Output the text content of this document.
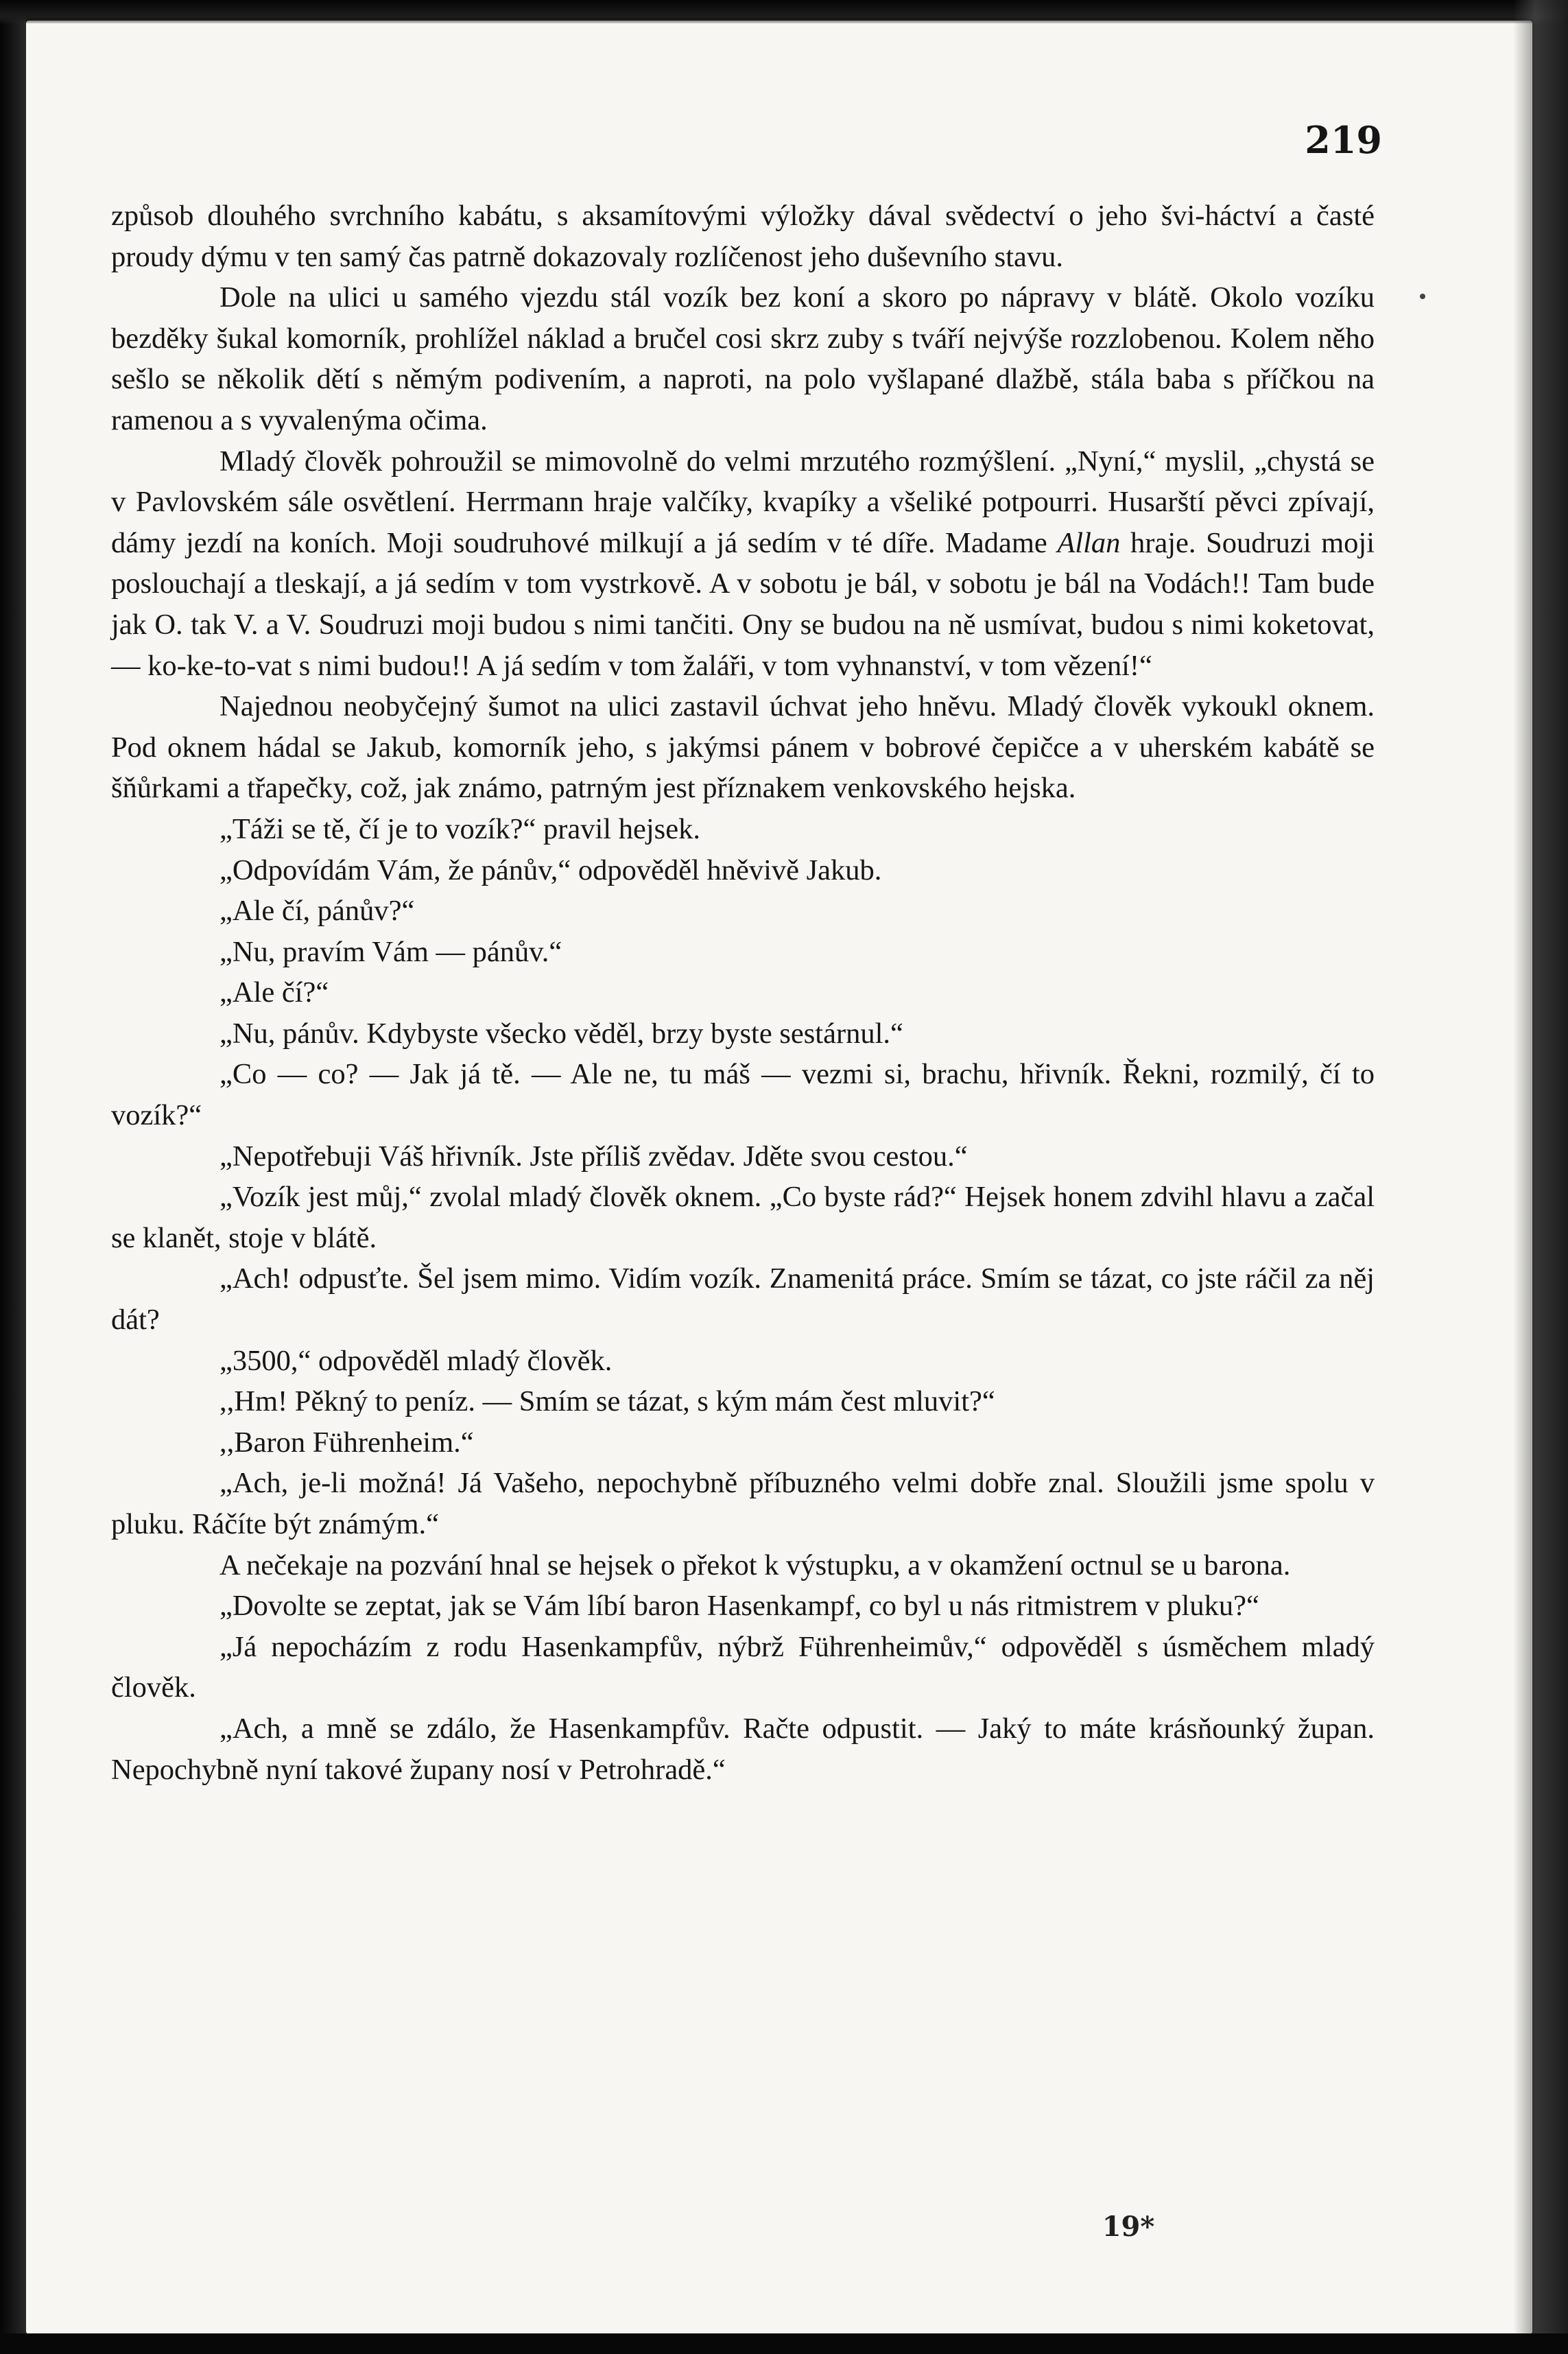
219

způsob dlouhého svrchního kabátu, s aksamítovými výložky dával svědectví o jeho švi-háctví a časté proudy dýmu v ten samý čas patrně dokazovaly rozlíčenost jeho duševního stavu.

Dole na ulici u samého vjezdu stál vozík bez koní a skoro po nápravy v blátě. Okolo vozíku bezděky šukal komorník, prohlížel náklad a bručel cosi skrz zuby s tváří nejvýše rozzlobenou. Kolem něho sešlo se několik dětí s němým podivením, a naproti, na polo vyšlapané dlažbě, stála baba s příčkou na ramenou a s vyvalenýma očima.

Mladý člověk pohroužil se mimovolně do velmi mrzutého rozmýšlení. „Nyní,“ myslil, „chystá se v Pavlovském sále osvětlení. Herrmann hraje valčíky, kvapíky a všeliké potpourri. Husarští pěvci zpívají, dámy jezdí na koních. Moji soudruhové milkují a já sedím v té díře. Madame Allan hraje. Soudruzi moji poslouchají a tleskají, a já sedím v tom vystrkově. A v sobotu je bál, v sobotu je bál na Vodách!! Tam bude jak O. tak V. a V. Soudruzi moji budou s nimi tančiti. Ony se budou na ně usmívat, budou s nimi koketovat, — ko-ke-to-vat s nimi budou!! A já sedím v tom žaláři, v tom vyhnanství, v tom vězení!“

Najednou neobyčejný šumot na ulici zastavil úchvat jeho hněvu. Mladý člověk vykoukl oknem. Pod oknem hádal se Jakub, komorník jeho, s jakýmsi pánem v bobrové čepičce a v uherském kabátě se šňůrkami a třapečky, což, jak známo, patrným jest příznakem venkovského hejska.

„Táži se tě, čí je to vozík?“ pravil hejsek.

„Odpovídám Vám, že pánův,“ odpověděl hněvivě Jakub.

„Ale čí, pánův?“

„Nu, pravím Vám — pánův.“

„Ale čí?“

„Nu, pánův. Kdybyste všecko věděl, brzy byste sestárnul.“

„Co — co? — Jak já tě. — Ale ne, tu máš — vezmi si, brachu, hřivník. Řekni, rozmilý, čí to vozík?“

„Nepotřebuji Váš hřivník. Jste příliš zvědav. Jděte svou cestou.“

„Vozík jest můj,“ zvolal mladý člověk oknem. „Co byste rád?“ Hejsek honem zdvihl hlavu a začal se klanět, stoje v blátě.

„Ach! odpusťte. Šel jsem mimo. Vidím vozík. Znamenitá práce. Smím se tázat, co jste ráčil za něj dát?

„3500,“ odpověděl mladý člověk.

,,Hm! Pěkný to peníz. — Smím se tázat, s kým mám čest mluvit?“

,,Baron Führenheim.“

„Ach, je-li možná! Já Vašeho, nepochybně příbuzného velmi dobře znal. Sloužili jsme spolu v pluku. Ráčíte být známým.“

A nečekaje na pozvání hnal se hejsek o překot k výstupku, a v okamžení octnul se u barona.

„Dovolte se zeptat, jak se Vám líbí baron Hasenkampf, co byl u nás ritmistrem v pluku?“

„Já nepocházím z rodu Hasenkampfův, nýbrž Führenheimův,“ odpověděl s úsměchem mladý člověk.

„Ach, a mně se zdálo, že Hasenkampfův. Račte odpustit. — Jaký to máte krásňounký župan. Nepochybně nyní takové župany nosí v Petrohradě.“

19*
